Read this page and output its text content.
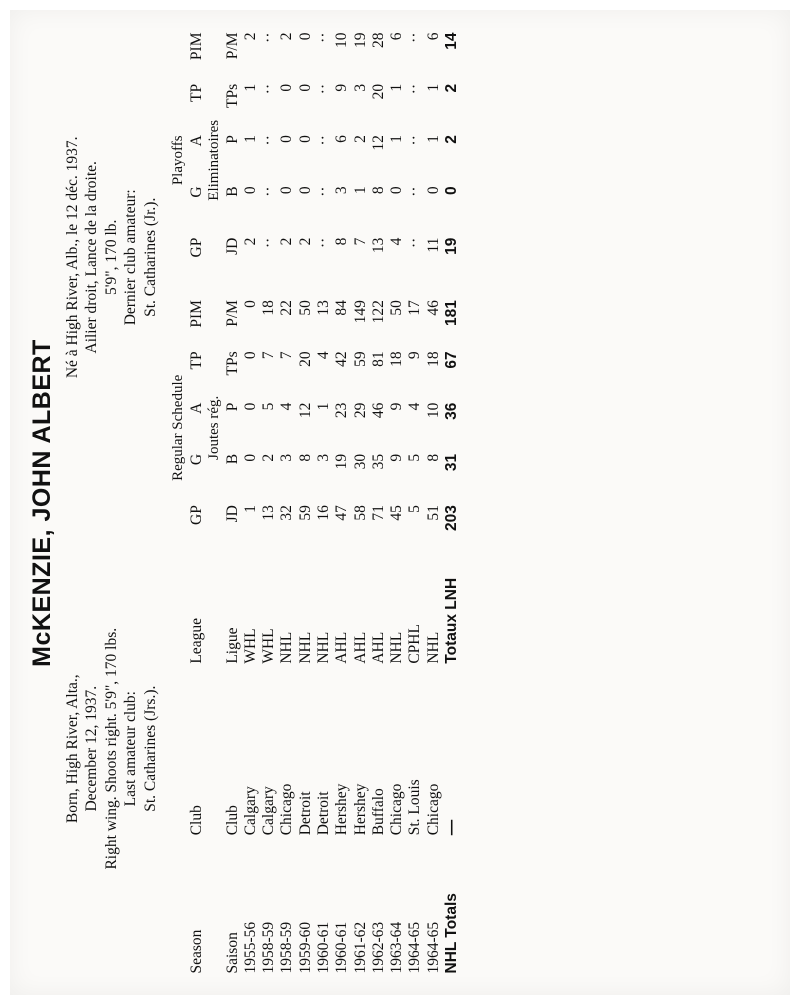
McKENZIE, JOHN ALBERT
Born, High River, Alta., December 12, 1937. Right wing. Shoots right. 5'9", 170 lbs. Last amateur club: St. Catharines (Jrs.).
Né à High River, Alb., le 12 déc. 1937. Ailier droit, Lance de la droite. 5'9", 170 lb. Dernier club amateur: St. Catharines (Jr.).
			Regular Schedule					Playoffs				
Season	Club	League	GP	G	A	TP	PIM	GP	G	A	TP	PIM
			Joutes rég.					Eliminatoires				
Saison	Club	Ligue	JD	B	P	TPs	P/M	JD	B	P	TPs	P/M
1955-56	Calgary	WHL	1	0	0	0	0	2	0	1	1	2
1958-59	Calgary	WHL	13	2	5	7	18	··	··	··	··	··
1958-59	Chicago	NHL	32	3	4	7	22	2	0	0	0	2
1959-60	Detroit	NHL	59	8	12	20	50	2	0	0	0	0
1960-61	Detroit	NHL	16	3	1	4	13	··	··	··	··	··
1960-61	Hershey	AHL	47	19	23	42	84	8	3	6	9	10
1961-62	Hershey	AHL	58	30	29	59	149	7	1	2	3	19
1962-63	Buffalo	AHL	71	35	46	81	122	13	8	12	20	28
1963-64	Chicago	NHL	45	9	9	18	50	4	0	1	1	6
1964-65	St. Louis	CPHL	5	5	4	9	17	··	··	··	··	··
1964-65	Chicago	NHL	51	8	10	18	46	11	0	1	1	6
NHL Totals	—	Totaux LNH	203	31	36	67	181	19	0	2	2	14
